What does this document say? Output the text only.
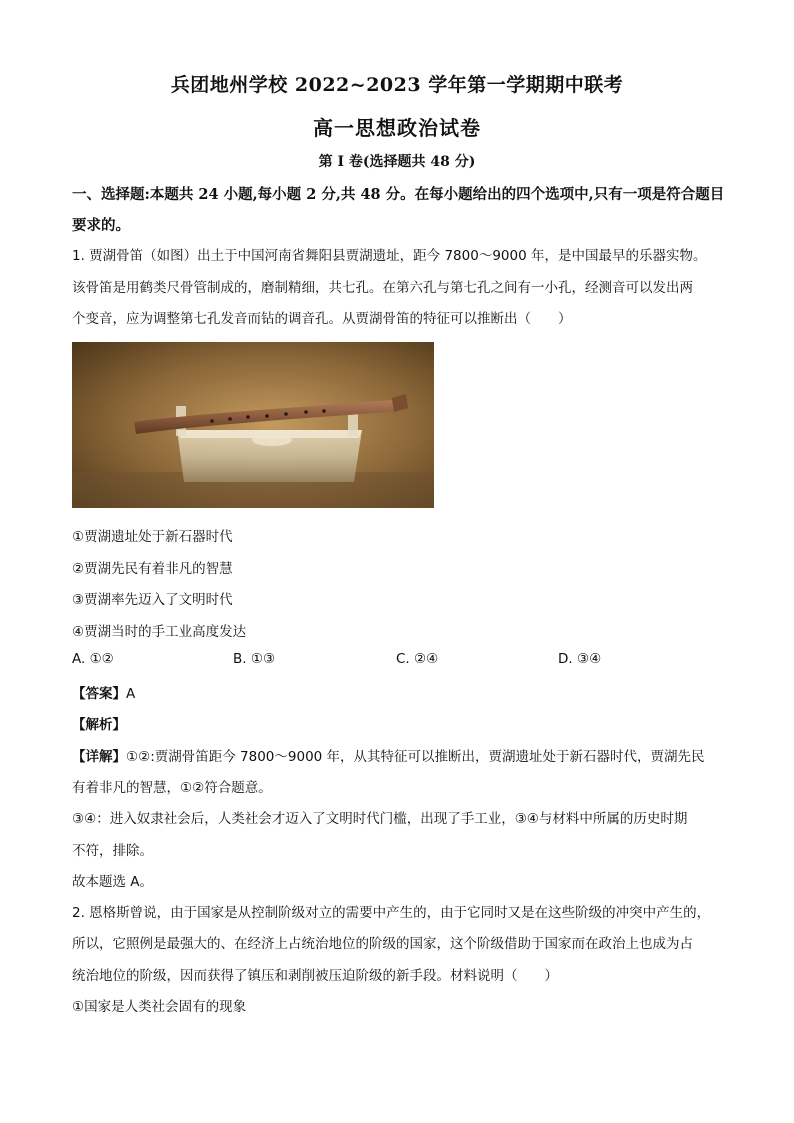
兵团地州学校 2022~2023 学年第一学期期中联考
高一思想政治试卷
第 I 卷(选择题共 48 分)
一、选择题:本题共 24 小题,每小题 2 分,共 48 分。在每小题给出的四个选项中,只有一项是符合题目要求的。
1. 贾湖骨笛（如图）出土于中国河南省舞阳县贾湖遗址，距今 7800～9000 年，是中国最早的乐器实物。
该骨笛是用鹤类尺骨管制成的，磨制精细，共七孔。在第六孔与第七孔之间有一小孔，经测音可以发出两
个变音，应为调整第七孔发音而钻的调音孔。从贾湖骨笛的特征可以推断出（　　）
①贾湖遗址处于新石器时代
②贾湖先民有着非凡的智慧
③贾湖率先迈入了文明时代
④贾湖当时的手工业高度发达
A. ①②	B. ①③	C. ②④	D. ③④
【答案】A
【解析】
【详解】①②:贾湖骨笛距今 7800～9000 年，从其特征可以推断出，贾湖遗址处于新石器时代，贾湖先民
有着非凡的智慧，①②符合题意。
③④：进入奴隶社会后，人类社会才迈入了文明时代门槛，出现了手工业，③④与材料中所属的历史时期
不符，排除。
故本题选 A。
2. 恩格斯曾说，由于国家是从控制阶级对立的需要中产生的，由于它同时又是在这些阶级的冲突中产生的，
所以，它照例是最强大的、在经济上占统治地位的阶级的国家，这个阶级借助于国家而在政治上也成为占
统治地位的阶级，因而获得了镇压和剥削被压迫阶级的新手段。材料说明（　　）
①国家是人类社会固有的现象
